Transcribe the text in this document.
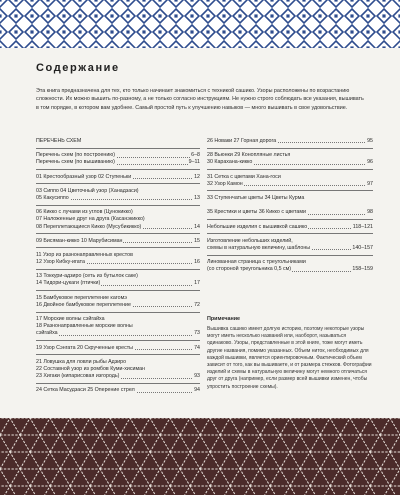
Содержание
Эта книга предназначена для тех, кто только начинает знакомиться с техникой сашико. Узоры расположены по возрастанию сложности. Их можно вышить по-разному, а не только согласно инструкциям. Не нужно строго соблюдать все указания, вышивать в том порядке, в котором вам удобнее. Самый простой путь к улучшению навыков — много вышивать в свое удовольствие.
ПЕРЕЧЕНЬ СХЕМ
Перечень схем (по построению)	6–8
Перечень схем (по вышиванию)	9–11
01 Крестообразный узор 02 Ступеньки	12
03 Сиппо 04 Цветочный узор (Ханадзаси)
05 Какусиппо	13
06 Кикко с лучами из углов (Цунокикко)
07 Наложенные друг на друга (Касанэкикко)
08 Переплетающиеся Кикко (Мусубикикко)	14
09 Бисяман-кикко 10 Марубисиман	15
11 Узор из разнонаправленных крестов
12 Узор Кибку-игата	16
13 Токкури-адзиро (сеть из бутылок саке)
14 Тидори-цукаги (птички)	17
15 Бамбуковое переплетение кагомэ
16 Двойное бамбуковое переплетение	72
17 Морские волны сэйгайха
18 Разнонаправленные морские волны
сэйгайха	73
19 Узор Сэнгата 20 Скрученные кресты	74
21 Ловушка для ловли рыбы Адзиро
22 Составной узор из ромбов Куми-хисиман
23 Хигаки (кипарисовая изгородь)	93
24 Сетка Масудзаси 25 Оперение стрел	94
26 Новаки 27 Горная дорога	95
28 Вьюнки 29 Конопляные листья
30 Карахана-кикко	96
31 Сетка с цветами Хана-госи
32 Узор Камон	97
33 Ступенчатые цветы 34 Цветы Курма
35 Крестики и цветы 36 Кикко с цветами	98
Небольшие изделия с вышивкой сашико	118–121
Изготовление небольших изделий,
схемы в натуральную величину, шаблоны	140–157
Линованная страница с треугольниками
(со стороной треугольника 0,5 см)	158–159
Примечание
Вышивка сашико имеет долгую историю, поэтому некоторые узоры могут иметь несколько названий или, наоборот, называться одинаково. Узоры, представленные в этой книге, тоже могут иметь другие названия, помимо указанных. Объем ниток, необходимых для каждой вышивки, является ориентировочным. Фактический объем зависит от того, как вы вышиваете, и от размера стежков. Фотографии изделий и схемы в натуральную величину могут немного отличаться друг от друга (например, если размер всей вышивки изменен, чтобы упростить построение схемы).
